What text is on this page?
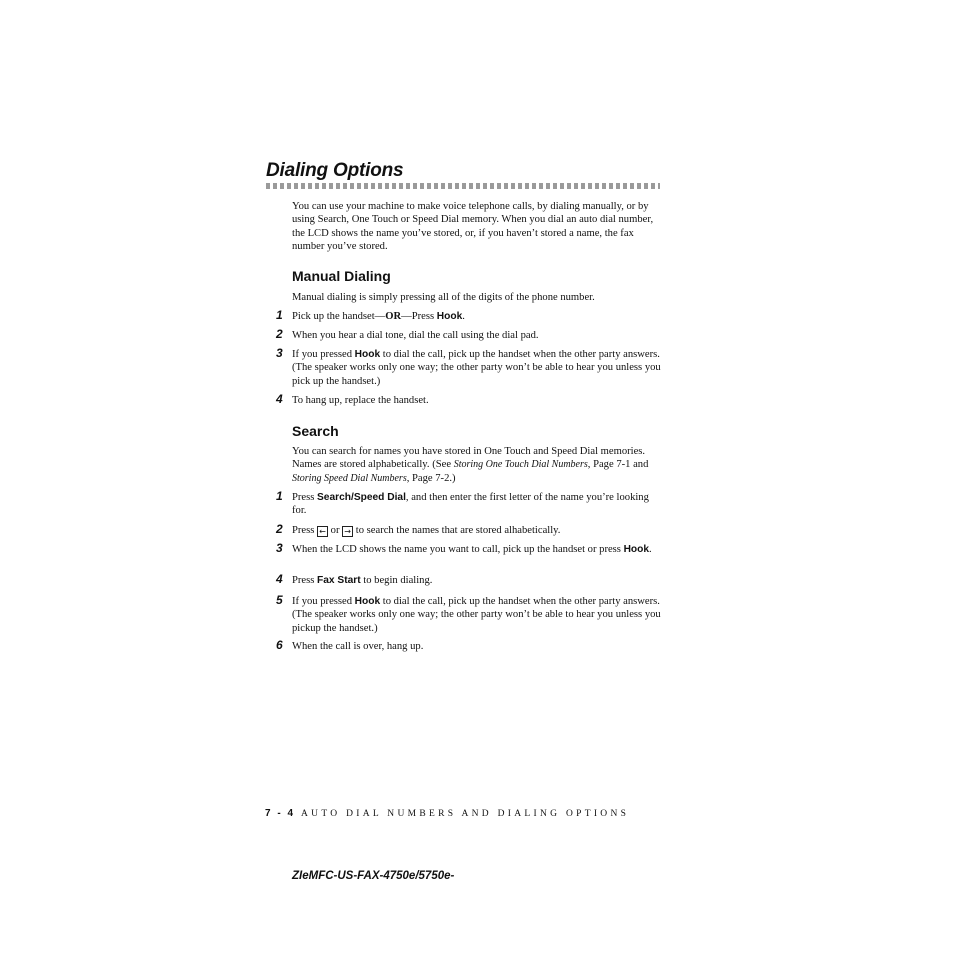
Dialing Options

You can use your machine to make voice telephone calls, by dialing manually, or by using Search, One Touch or Speed Dial memory. When you dial an auto dial number, the LCD shows the name you’ve stored, or, if you haven’t stored a name, the fax number you’ve stored.

Manual Dialing

Manual dialing is simply pressing all of the digits of the phone number.

1 Pick up the handset—OR—Press Hook.

2 When you hear a dial tone, dial the call using the dial pad.

3 If you pressed Hook to dial the call, pick up the handset when the other party answers. (The speaker works only one way; the other party won’t be able to hear you unless you pick up the handset.)

4 To hang up, replace the handset.

Search

You can search for names you have stored in One Touch and Speed Dial memories. Names are stored alphabetically. (See Storing One Touch Dial Numbers, Page 7-1 and Storing Speed Dial Numbers, Page 7-2.)

1 Press Search/Speed Dial, and then enter the first letter of the name you’re looking for.

2 Press ← or → to search the names that are stored alhabetically.

3 When the LCD shows the name you want to call, pick up the handset or press Hook.

4 Press Fax Start to begin dialing.

5 If you pressed Hook to dial the call, pick up the handset when the other party answers. (The speaker works only one way; the other party won’t be able to hear you unless you pickup the handset.)

6 When the call is over, hang up.

7 - 4 AUTO DIAL NUMBERS AND DIALING OPTIONS
ZIeMFC-US-FAX-4750e/5750e-
